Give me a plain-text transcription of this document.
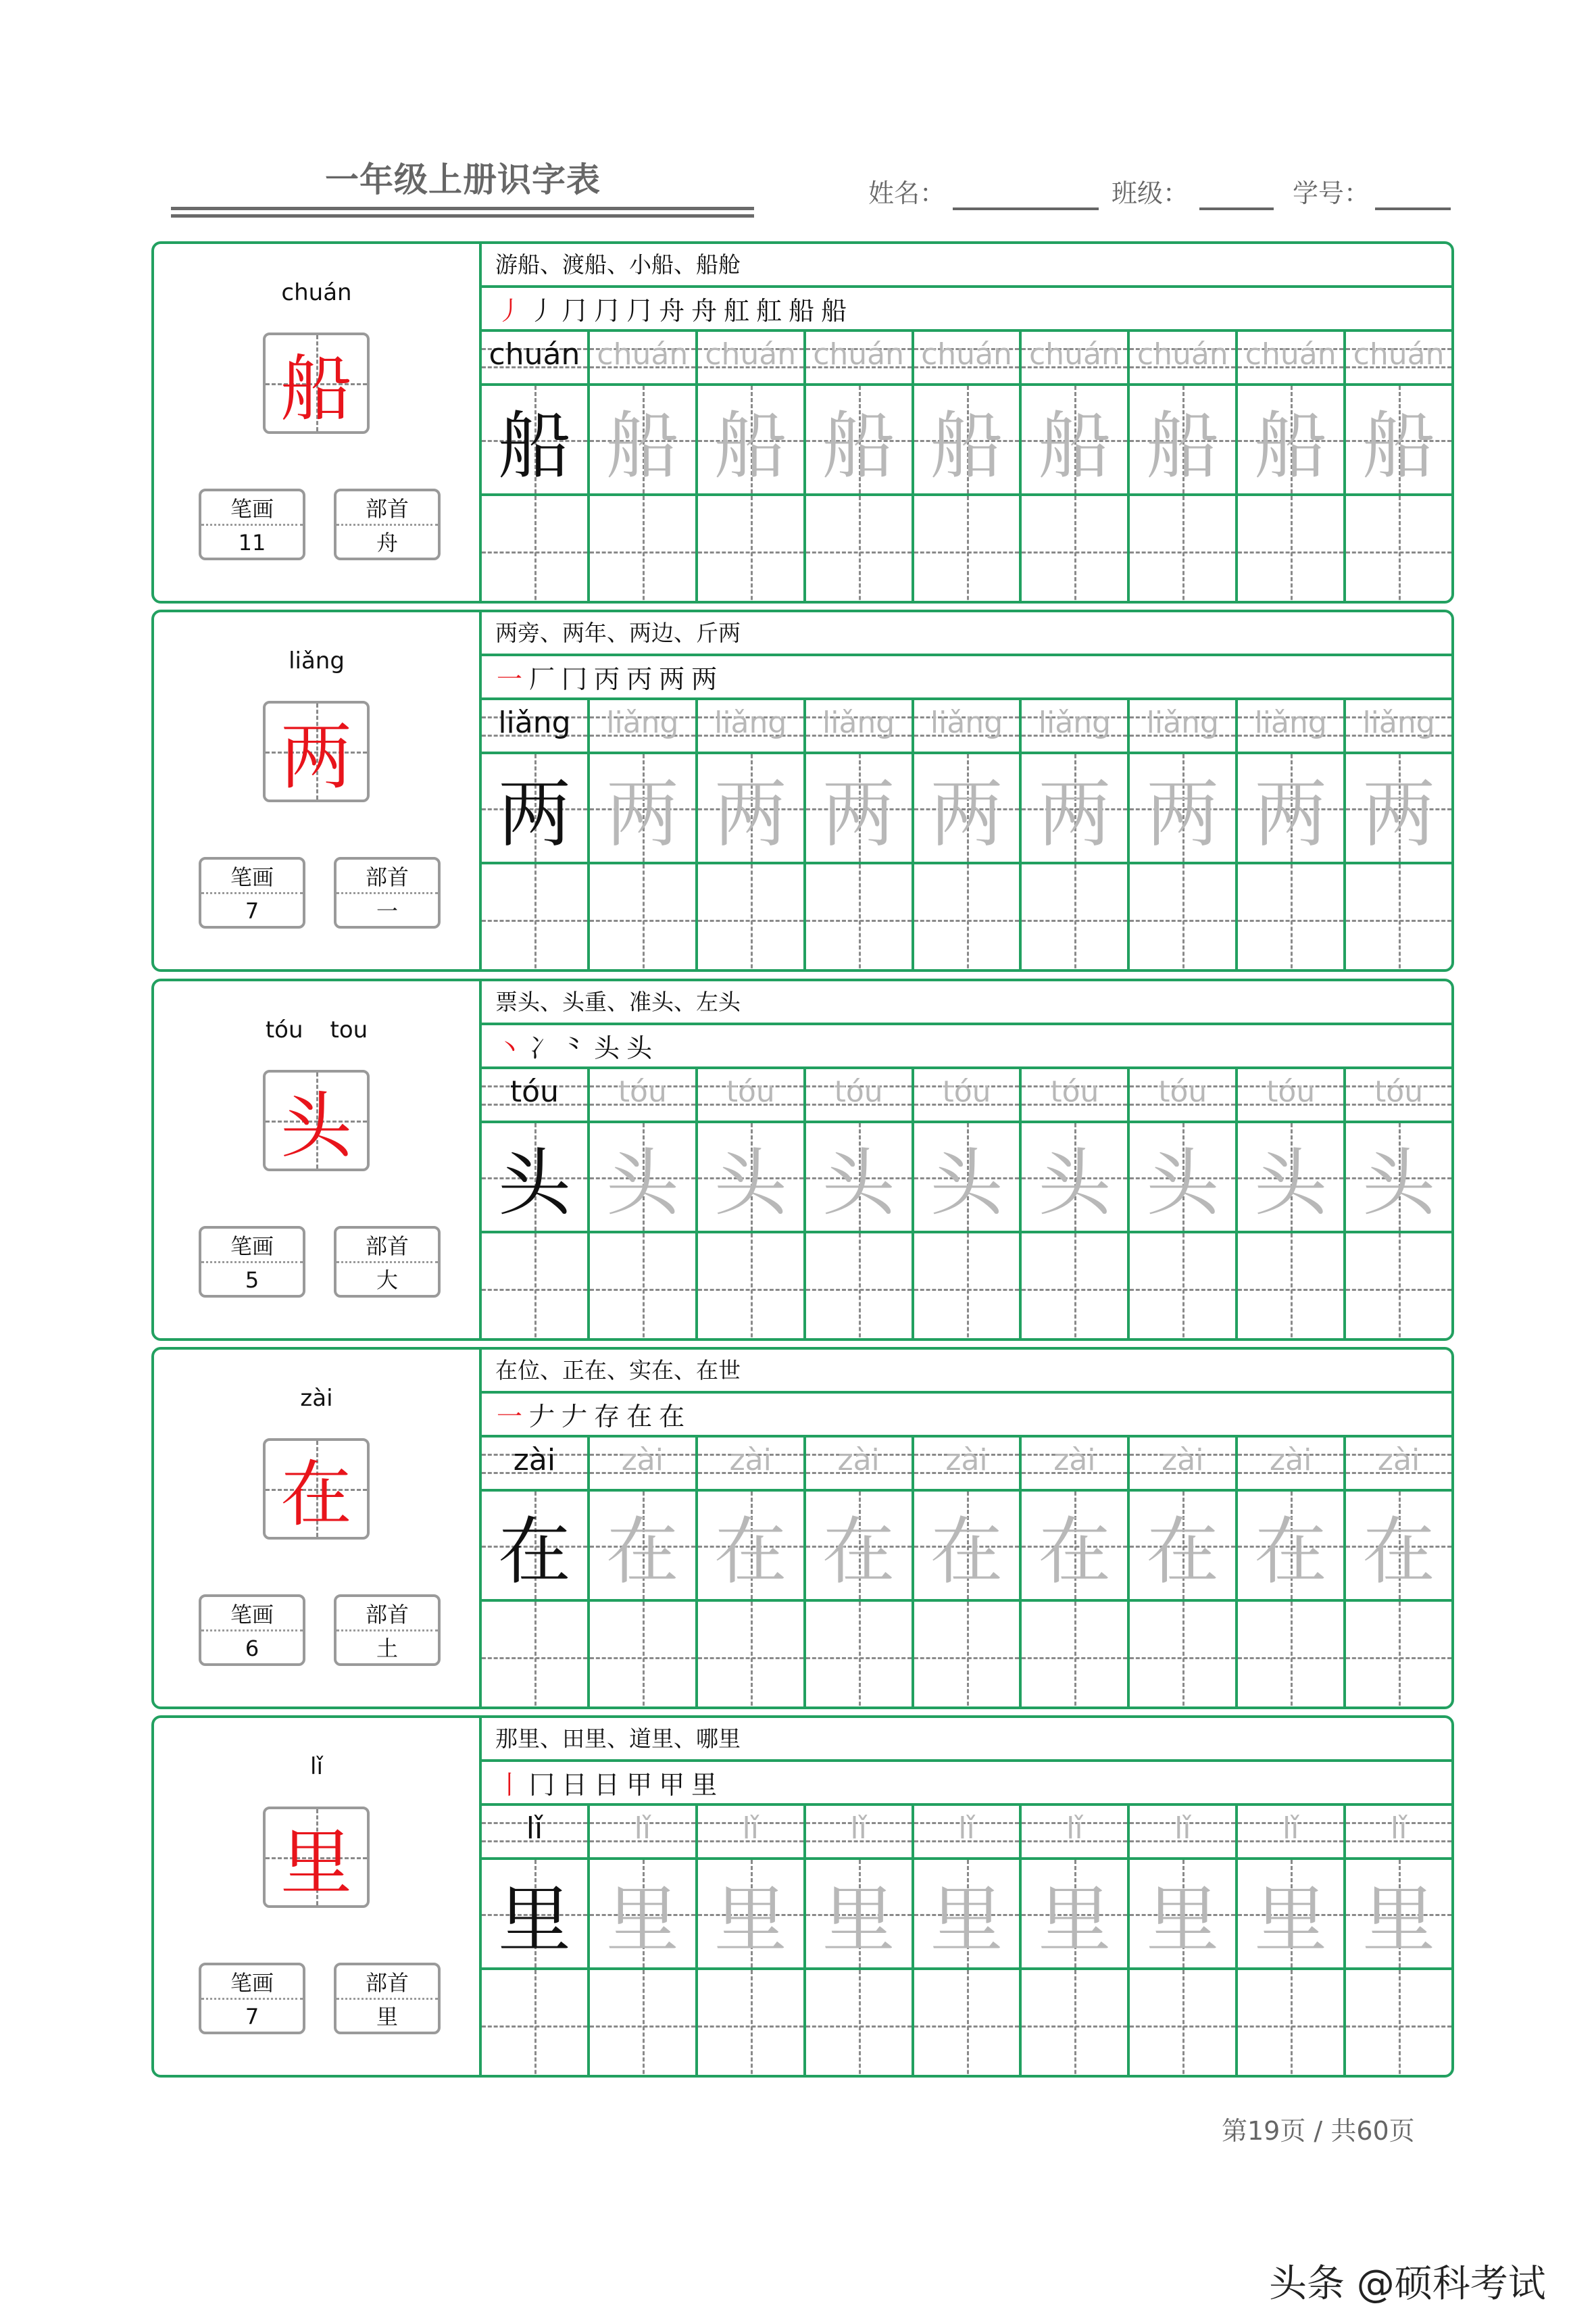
一年级上册识字表	姓名：	班级：	学号：
chuán
船
笔画
11
部首
舟
游船、渡船、小船、船舱
丿 丿 ⺆ ⺆ ⺆ 舟 舟 舡 舡 船 船
chuán
船
chuán
船
chuán
船
chuán
船
chuán
船
chuán
船
chuán
船
chuán
船
chuán
船
liǎng
两
笔画
7
部首
一
两旁、两年、两边、斤两
一 厂 冂 丙 丙 两 两
liǎng
两
liǎng
两
liǎng
两
liǎng
两
liǎng
两
liǎng
两
liǎng
两
liǎng
两
liǎng
两
tóu tou
头
笔画
5
部首
大
票头、头重、准头、左头
丶 冫 ⺀ 头 头
tóu
头
tóu
头
tóu
头
tóu
头
tóu
头
tóu
头
tóu
头
tóu
头
tóu
头
zài
在
笔画
6
部首
土
在位、正在、实在、在世
一 𠂇 𠂇 存 在 在
zài
在
zài
在
zài
在
zài
在
zài
在
zài
在
zài
在
zài
在
zài
在
lǐ
里
笔画
7
部首
里
那里、田里、道里、哪里
丨 冂 日 日 甲 甲 里
lǐ
里
lǐ
里
lǐ
里
lǐ
里
lǐ
里
lǐ
里
lǐ
里
lǐ
里
lǐ
里
第19页 / 共60页
头条 @硕科考试
